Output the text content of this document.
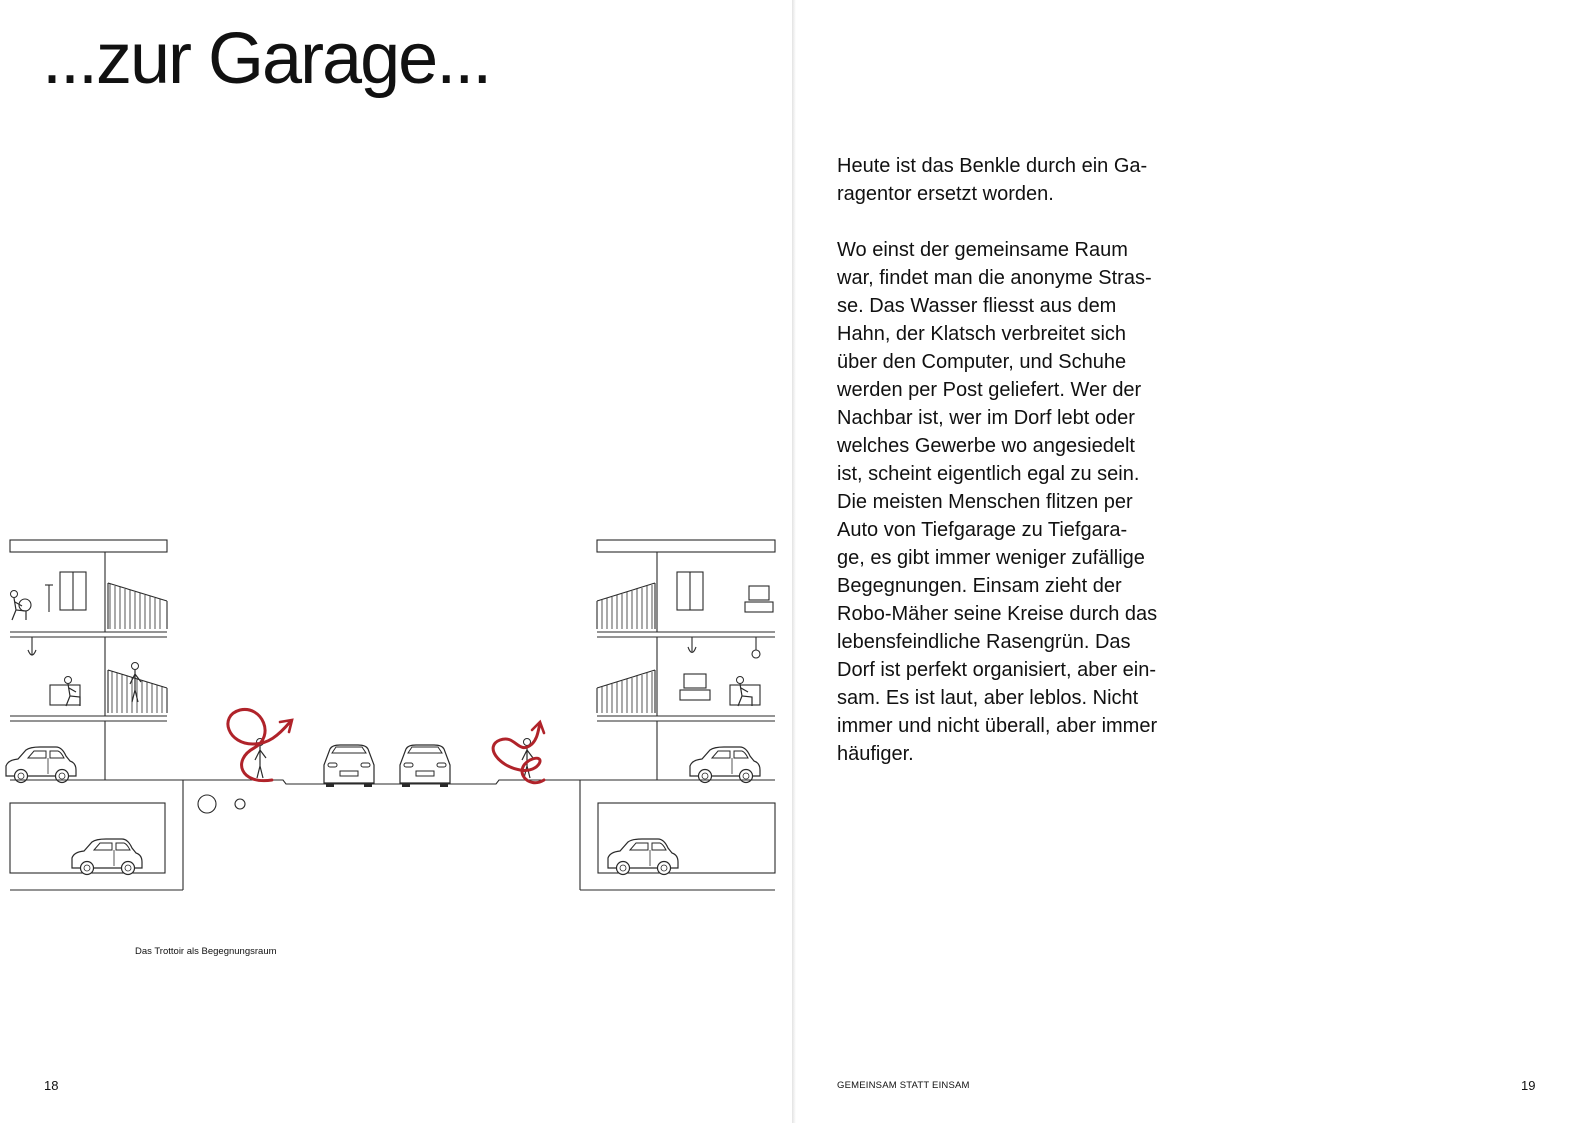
...zur Garage...
Das Trottoir als Begegnungsraum
18

Heute ist das Benkle durch ein Ga-
ragentor ersetzt worden.

Wo einst der gemeinsame Raum
war, findet man die anonyme Stras-
se. Das Wasser fliesst aus dem
Hahn, der Klatsch verbreitet sich
über den Computer, und Schuhe
werden per Post geliefert. Wer der
Nachbar ist, wer im Dorf lebt oder
welches Gewerbe wo angesiedelt
ist, scheint eigentlich egal zu sein.
Die meisten Menschen flitzen per
Auto von Tiefgarage zu Tiefgara-
ge, es gibt immer weniger zufällige
Begegnungen. Einsam zieht der
Robo-Mäher seine Kreise durch das
lebensfeindliche Rasengrün. Das
Dorf ist perfekt organisiert, aber ein-
sam. Es ist laut, aber leblos. Nicht
immer und nicht überall, aber immer
häufiger.

GEMEINSAM STATT EINSAM	19
